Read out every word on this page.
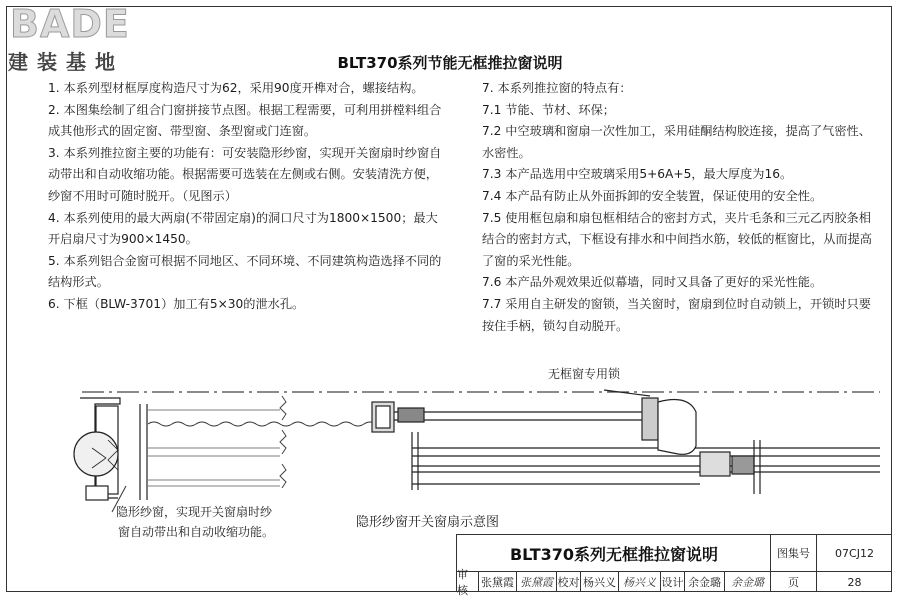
BADE
建装基地	BLT370系列节能无框推拉窗说明

1. 本系列型材框厚度构造尺寸为62，采用90度开榫对合，螺接结构。

2. 本图集绘制了组合门窗拼接节点图。根据工程需要，可利用拼樘料组合成其他形式的固定窗、带型窗、条型窗或门连窗。

3. 本系列推拉窗主要的功能有：可安装隐形纱窗，实现开关窗扇时纱窗自动带出和自动收缩功能。根据需要可选装在左侧或右侧。安装清洗方便，纱窗不用时可随时脱开。（见图示）

4. 本系列使用的最大两扇(不带固定扇)的洞口尺寸为1800×1500；最大开启扇尺寸为900×1450。

5. 本系列铝合金窗可根据不同地区、不同环境、不同建筑构造选择不同的结构形式。

6. 下框（BLW-3701）加工有5×30的泄水孔。

7. 本系列推拉窗的特点有：

7.1 节能、节材、环保；

7.2 中空玻璃和窗扇一次性加工，采用硅酮结构胶连接，提高了气密性、水密性。

7.3 本产品选用中空玻璃采用5+6A+5，最大厚度为16。

7.4 本产品有防止从外面拆卸的安全装置，保证使用的安全性。

7.5 使用框包扇和扇包框相结合的密封方式，夹片毛条和三元乙丙胶条相结合的密封方式，下框设有排水和中间挡水筋，较低的框窗比，从而提高了窗的采光性能。

7.6 本产品外观效果近似幕墙，同时又具备了更好的采光性能。

7.7 采用自主研发的窗锁，当关窗时，窗扇到位时自动锁上，开锁时只要按住手柄，锁勾自动脱开。

无框窗专用锁
隐形纱窗，实现开关窗扇时纱
窗自动带出和自动收缩功能。
隐形纱窗开关窗扇示意图
BLT370系列无框推拉窗说明	图集号	07CJ12
审核
张黛霞 张黛霞 校对 杨兴义 杨兴义 设计 余金璐 余金璐	页	28
